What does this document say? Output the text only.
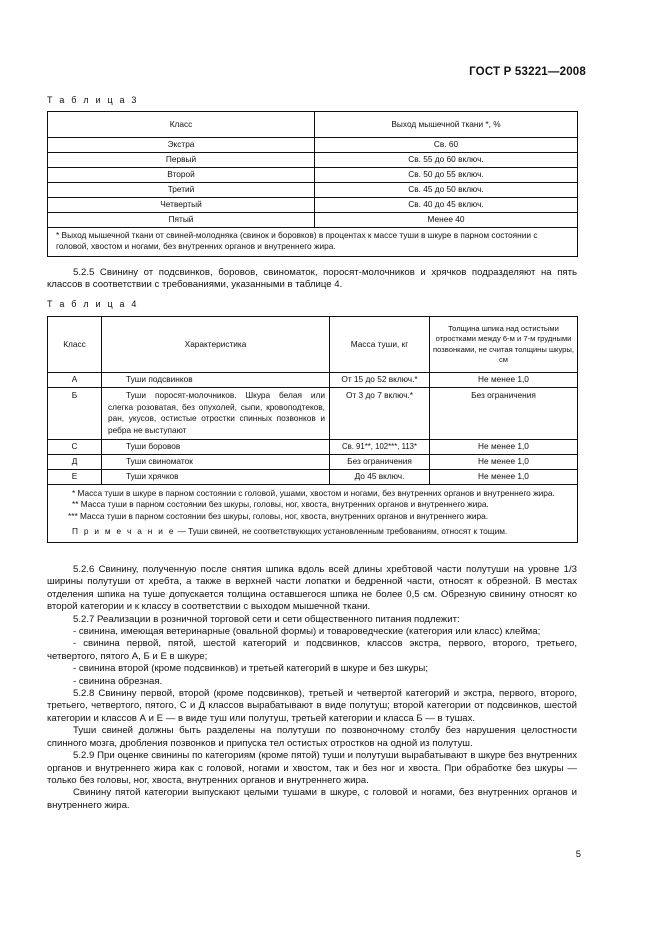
ГОСТ Р 53221—2008
Т а б л и ц а 3
Класс	Выход мышечной ткани *, %
Экстра	Св. 60
Первый	Св. 55 до 60 включ.
Второй	Св. 50 до 55 включ.
Третий	Св. 45 до 50 включ.
Четвертый	Св. 40 до 45 включ.
Пятый	Менее 40
* Выход мышечной ткани от свиней-молодняка (свинок и боровков) в процентах к массе туши в шкуре в парном состоянии с головой, хвостом и ногами, без внутренних органов и внутреннего жира.	

5.2.5 Свинину от подсвинков, боровов, свиноматок, поросят-молочников и хрячков подразделяют на пять классов в соответствии с требованиями, указанными в таблице 4.

Т а б л и ц а 4
Класс	Характеристика	Масса туши, кг	Толщина шпика над остистыми отростками между 6-м и 7-м грудными позвонками, не считая толщины шкуры, см
А	Туши подсвинков	От 15 до 52 включ.*	Не менее 1,0
Б	Туши поросят-молочников. Шкура белая или слегка розоватая, без опухолей, сыпи, кровоподтеков, ран, укусов, остистые отростки спинных позвонков и ребра не выступают	От 3 до 7 включ.*	Без ограничения
С	Туши боровов	Св. 91**, 102***, 113*	Не менее 1,0
Д	Туши свиноматок	Без ограничения	Не менее 1,0
Е	Туши хрячков	До 45 включ.	Не менее 1,0

* Масса туши в шкуре в парном состоянии с головой, ушами, хвостом и ногами, без внутренних органов и внутреннего жира.
** Масса туши в парном состоянии без шкуры, головы, ног, хвоста, внутренних органов и внутреннего жира.
*** Масса туши в парном состоянии без шкуры, головы, ног, хвоста, внутренних органов и внутреннего жира.
П р и м е ч а н и е — Туши свиней, не соответствующих установленным требованиям, относят к тощим.			

5.2.6 Свинину, полученную после снятия шпика вдоль всей длины хребтовой части полутуши на уровне 1/3 ширины полутуши от хребта, а также в верхней части лопатки и бедренной части, относят к обрезной. В местах отделения шпика на туше допускается толщина оставшегося шпика не более 0,5 см. Обрезную свинину относят ко второй категории и к классу в соответствии с выходом мышечной ткани.

5.2.7 Реализации в розничной торговой сети и сети общественного питания подлежит:

- свинина, имеющая ветеринарные (овальной формы) и товароведческие (категория или класс) клейма;

- свинина первой, пятой, шестой категорий и подсвинков, классов экстра, первого, второго, третьего, четвертого, пятого А, Б и Е в шкуре;

- свинина второй (кроме подсвинков) и третьей категорий в шкуре и без шкуры;

- свинина обрезная.

5.2.8 Свинину первой, второй (кроме подсвинков), третьей и четвертой категорий и экстра, первого, второго, третьего, четвертого, пятого, С и Д классов вырабатывают в виде полутуш; второй категории от подсвинков, шестой категории и классов А и Е — в виде туш или полутуш, третьей категории и класса Б — в тушах.

Туши свиней должны быть разделены на полутуши по позвоночному столбу без нарушения целостности спинного мозга, дробления позвонков и припуска тел остистых отростков на одной из полутуш.

5.2.9 При оценке свинины по категориям (кроме пятой) туши и полутуши вырабатывают в шкуре без внутренних органов и внутреннего жира как с головой, ногами и хвостом, так и без ног и хвоста. При обработке без шкуры — только без головы, ног, хвоста, внутренних органов и внутреннего жира.

Свинину пятой категории выпускают целыми тушами в шкуре, с головой и ногами, без внутренних органов и внутреннего жира.

5
